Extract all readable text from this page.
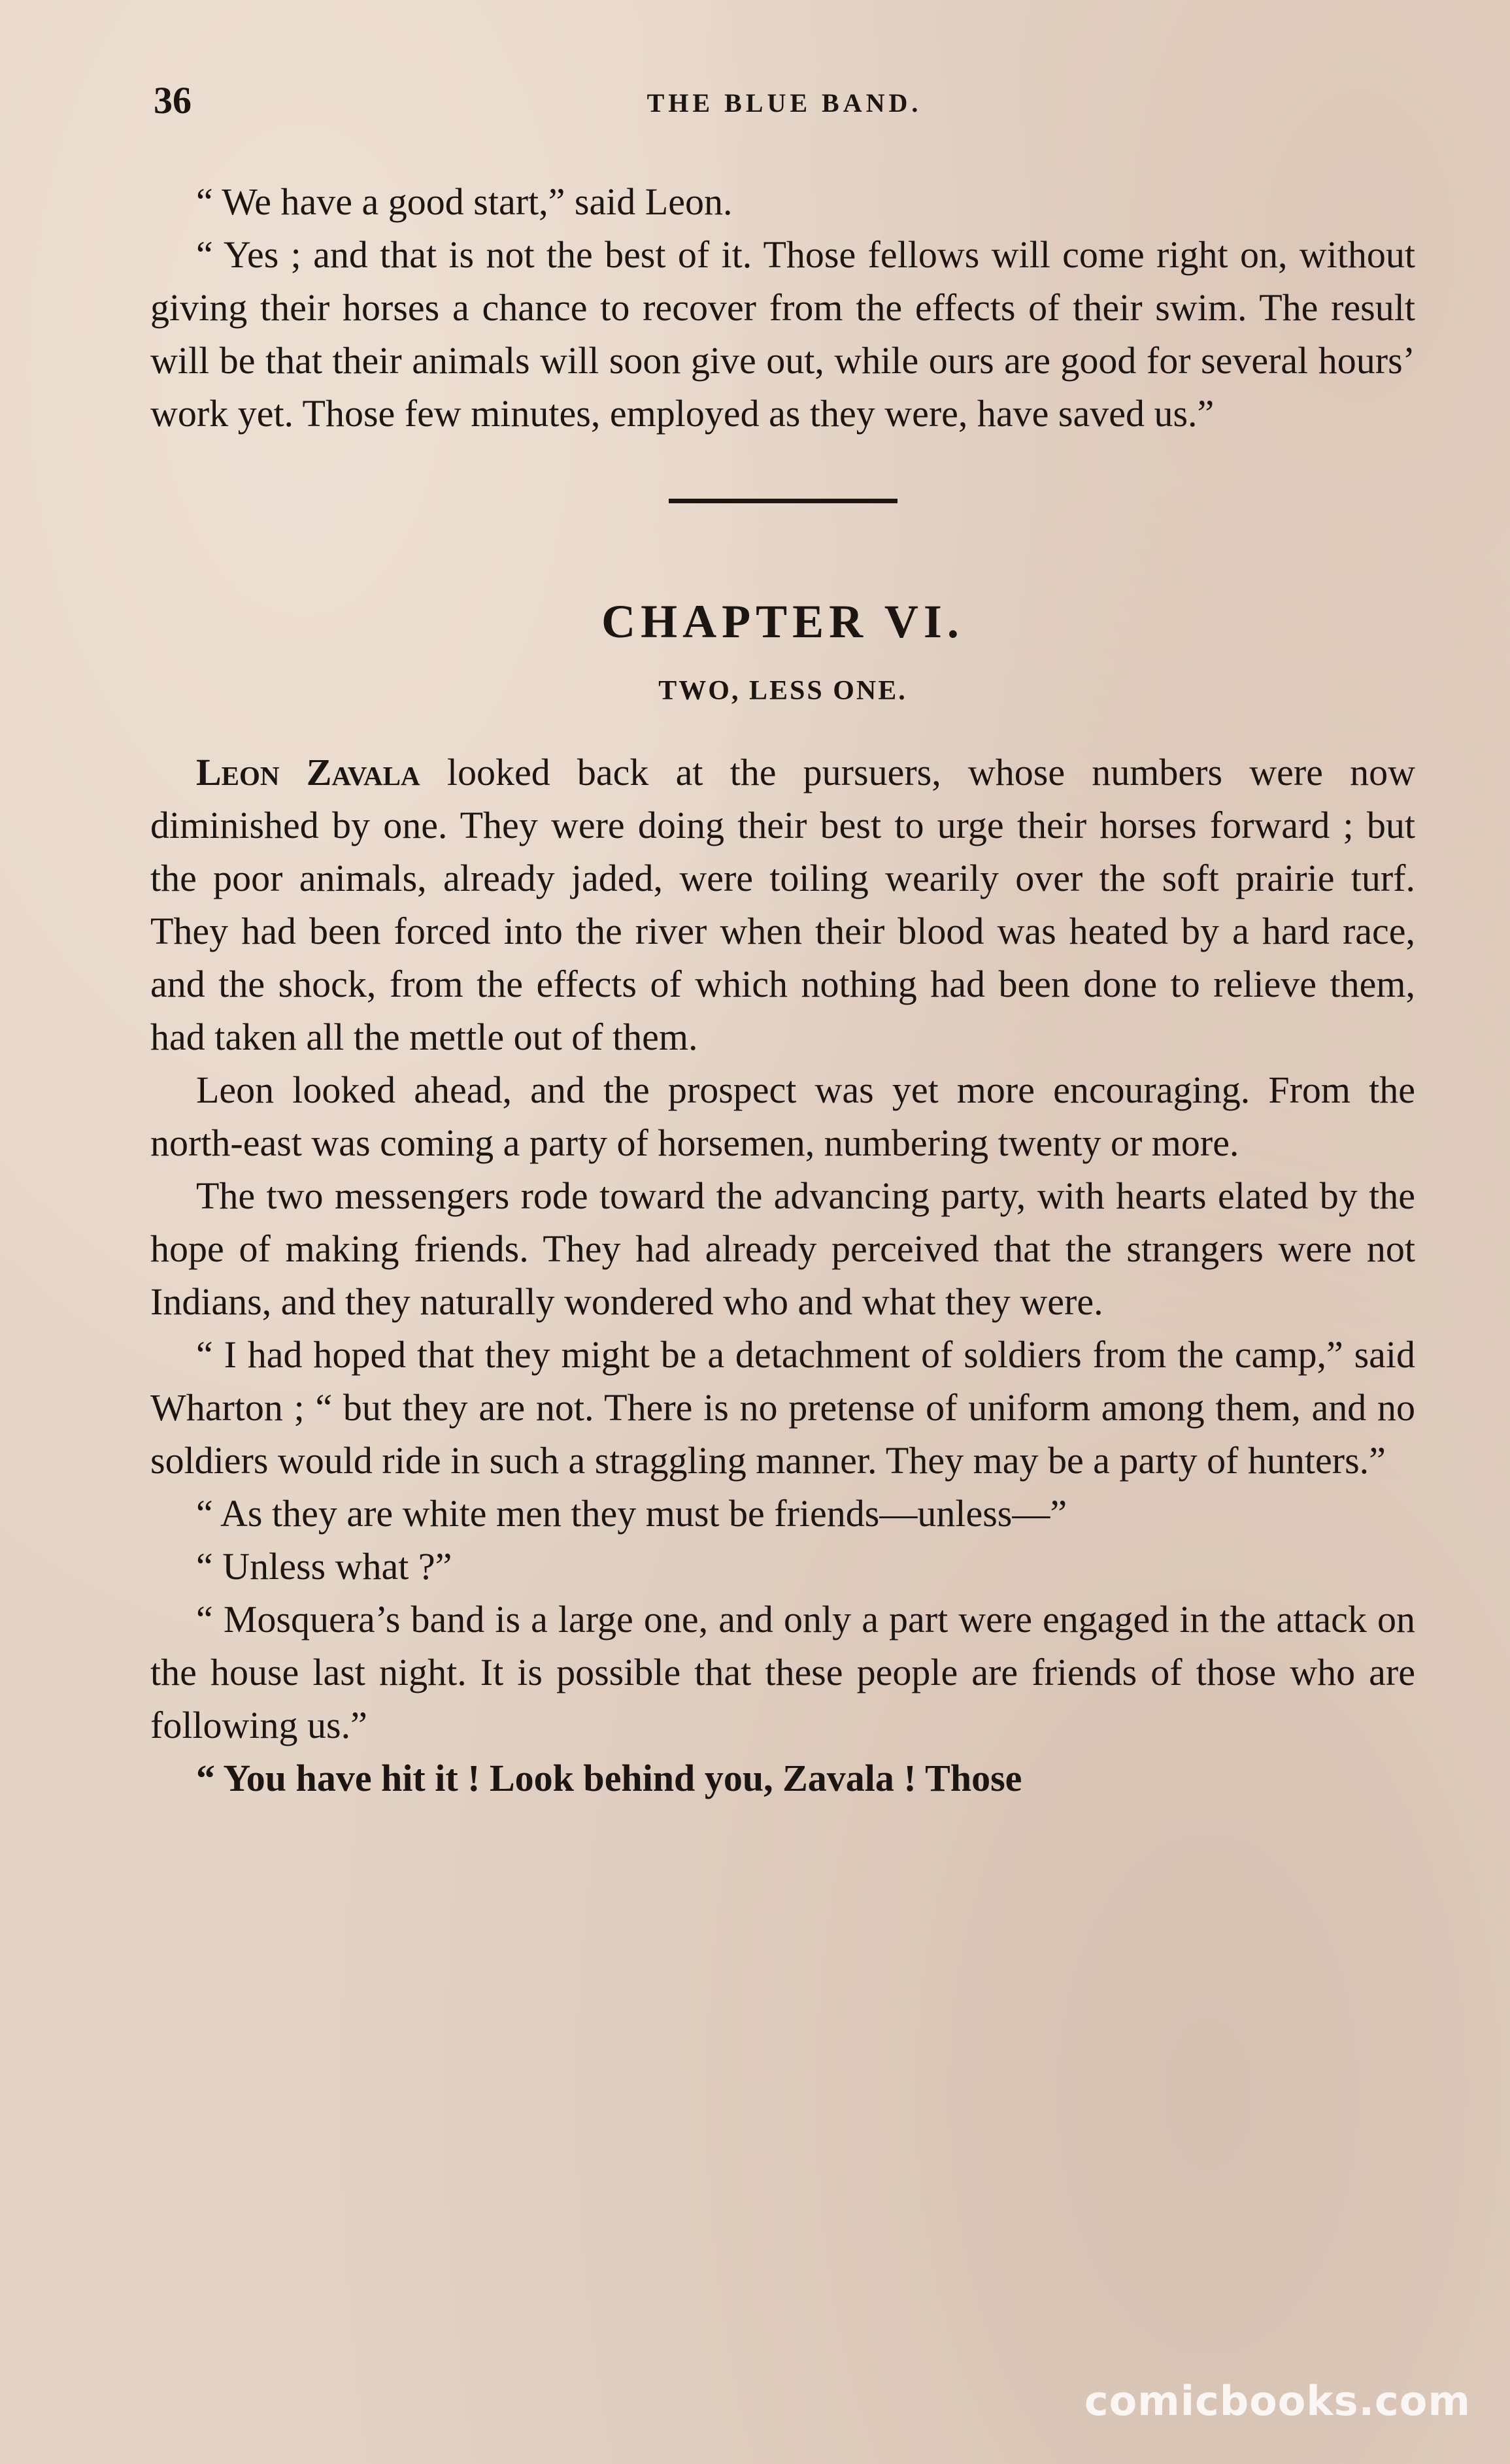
36	THE BLUE BAND.

“ We have a good start,” said Leon.

“ Yes ; and that is not the best of it. Those fellows will come right on, without giving their horses a chance to recover from the effects of their swim. The result will be that their animals will soon give out, while ours are good for several hours’ work yet. Those few minutes, employed as they were, have saved us.”

CHAPTER VI.
TWO, LESS ONE.

Leon Zavala looked back at the pursuers, whose numbers were now diminished by one. They were doing their best to urge their horses forward ; but the poor animals, already jaded, were toiling wearily over the soft prairie turf. They had been forced into the river when their blood was heated by a hard race, and the shock, from the effects of which nothing had been done to relieve them, had taken all the mettle out of them.

Leon looked ahead, and the prospect was yet more encouraging. From the north-east was coming a party of horsemen, numbering twenty or more.

The two messengers rode toward the advancing party, with hearts elated by the hope of making friends. They had already perceived that the strangers were not Indians, and they naturally wondered who and what they were.

“ I had hoped that they might be a detachment of soldiers from the camp,” said Wharton ; “ but they are not. There is no pretense of uniform among them, and no soldiers would ride in such a straggling manner. They may be a party of hunters.”

“ As they are white men they must be friends—unless—”

“ Unless what ?”

“ Mosquera’s band is a large one, and only a part were engaged in the attack on the house last night. It is possible that these people are friends of those who are following us.”

“ You have hit it ! Look behind you, Zavala ! Those

comicbooks.com
